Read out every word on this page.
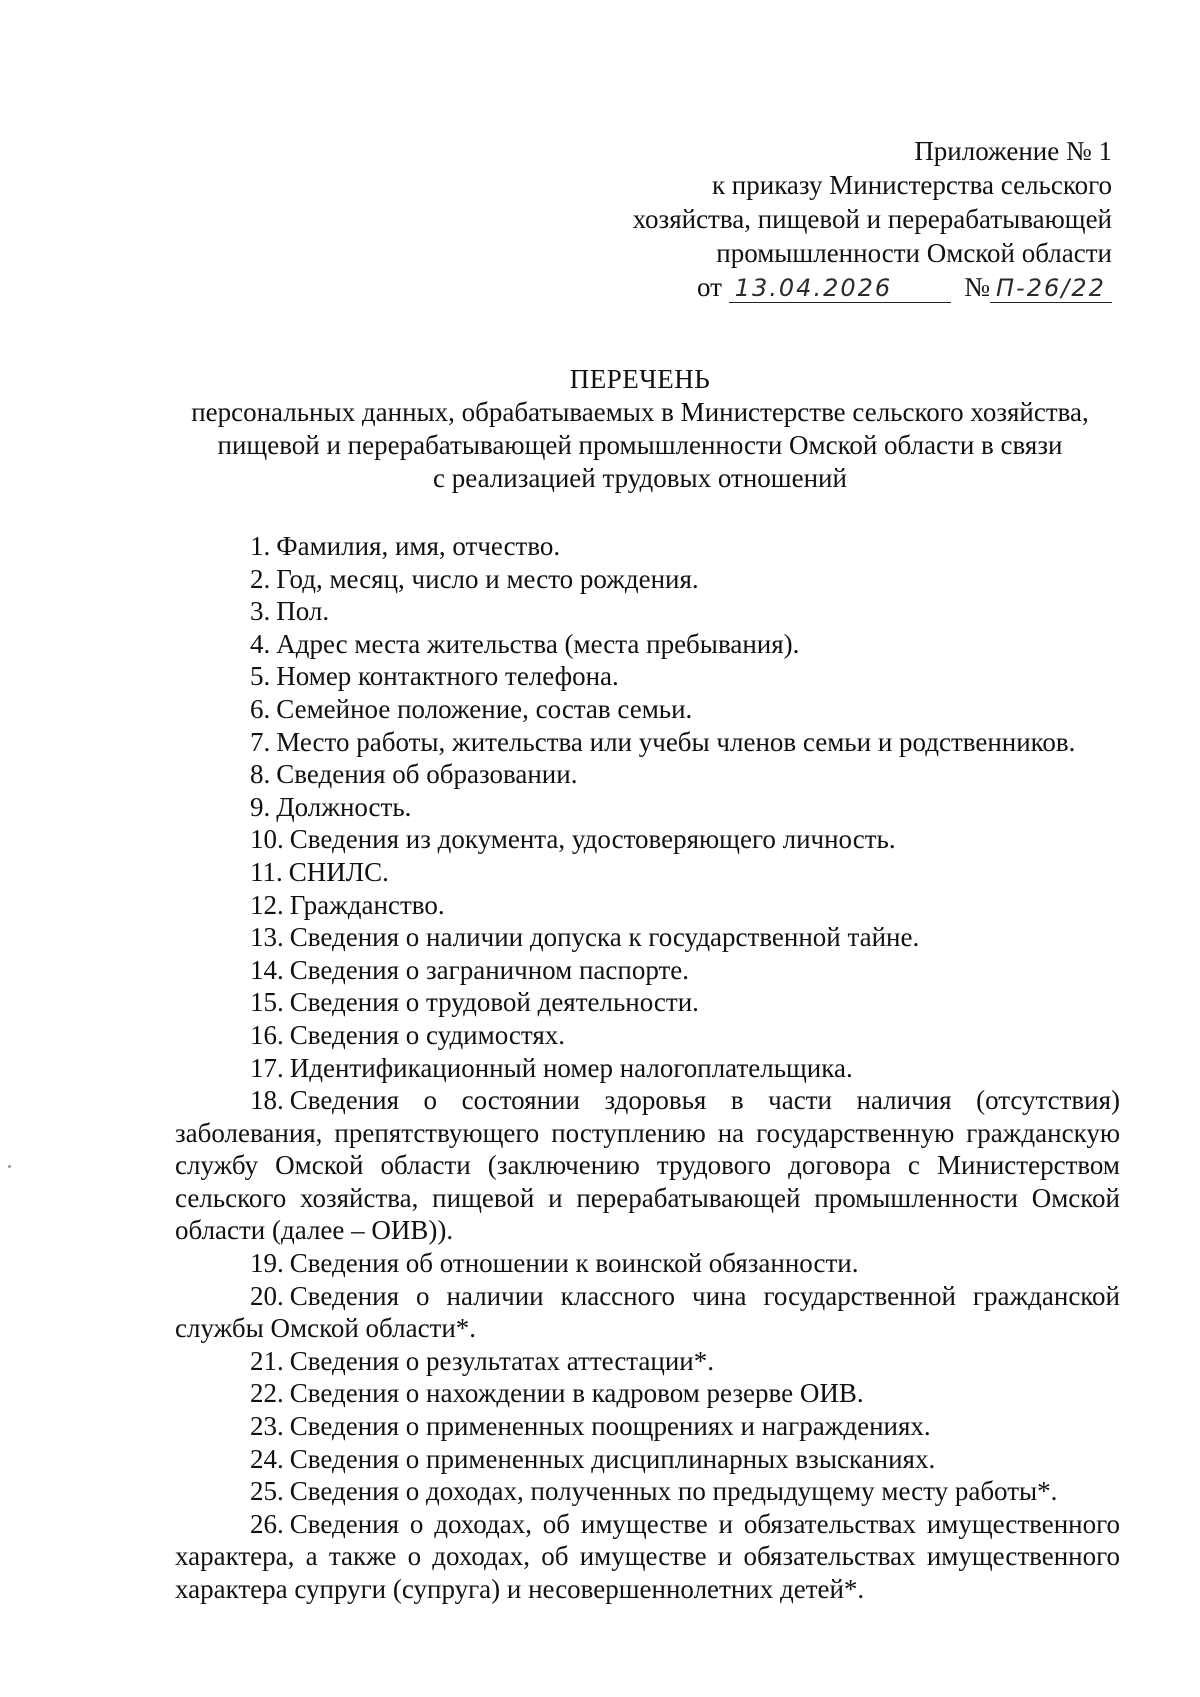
Приложение № 1
к приказу Министерства сельского
хозяйства, пищевой и перерабатывающей
промышленности Омской области
от 13.04.2026	№ П-26/22
ПЕРЕЧЕНЬ
персональных данных, обрабатываемых в Министерстве сельского хозяйства,
пищевой и перерабатывающей промышленности Омской области в связи
с реализацией трудовых отношений
1. Фамилия, имя, отчество.
2. Год, месяц, число и место рождения.
3. Пол.
4. Адрес места жительства (места пребывания).
5. Номер контактного телефона.
6. Семейное положение, состав семьи.
7. Место работы, жительства или учебы членов семьи и родственников.
8. Сведения об образовании.
9. Должность.
10. Сведения из документа, удостоверяющего личность.
11. СНИЛС.
12. Гражданство.
13. Сведения о наличии допуска к государственной тайне.
14. Сведения о заграничном паспорте.
15. Сведения о трудовой деятельности.
16. Сведения о судимостях.
17. Идентификационный номер налогоплательщика.
18. Сведения о состоянии здоровья в части наличия (отсутствия) заболевания, препятствующего поступлению на государственную гражданскую службу Омской области (заключению трудового договора с Министерством сельского хозяйства, пищевой и перерабатывающей промышленности Омской области (далее – ОИВ)).
19. Сведения об отношении к воинской обязанности.
20. Сведения о наличии классного чина государственной гражданской службы Омской области*.
21. Сведения о результатах аттестации*.
22. Сведения о нахождении в кадровом резерве ОИВ.
23. Сведения о примененных поощрениях и награждениях.
24. Сведения о примененных дисциплинарных взысканиях.
25. Сведения о доходах, полученных по предыдущему месту работы*.
26. Сведения о доходах, об имуществе и обязательствах имущественного характера, а также о доходах, об имуществе и обязательствах имущественного характера супруги (супруга) и несовершеннолетних детей*.
